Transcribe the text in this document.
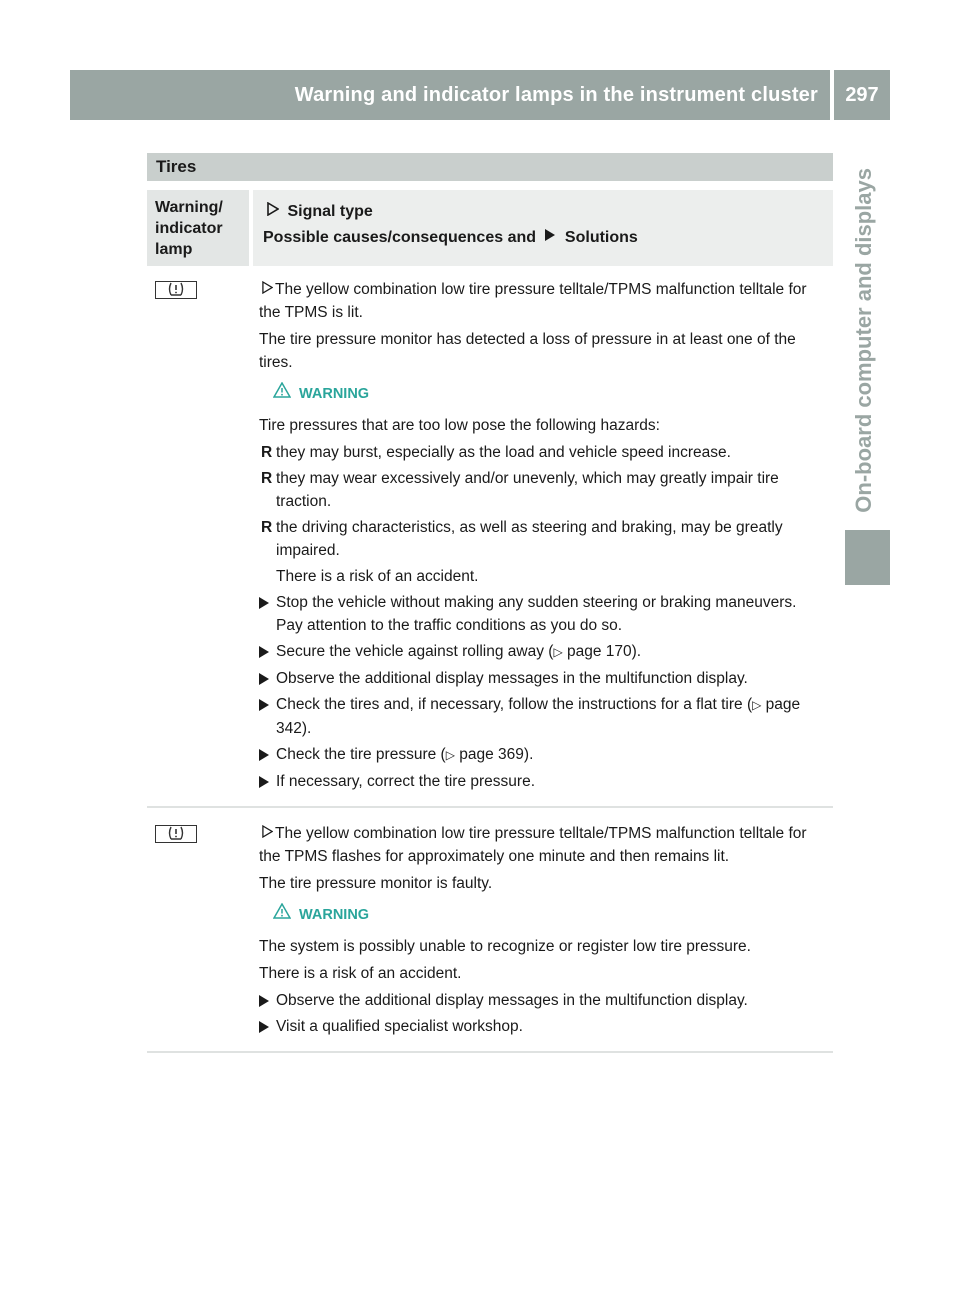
Warning and indicator lamps in the instrument cluster	297
On-board computer and displays
Tires
Warning/ indicator lamp
Signal type
Possible causes/consequences and Solutions

The yellow combination low tire pressure telltale/TPMS malfunction telltale for the TPMS is lit.

The tire pressure monitor has detected a loss of pressure in at least one of the tires.

WARNING

Tire pressures that are too low pose the following hazards:

R they may burst, especially as the load and vehicle speed increase.
R they may wear excessively and/or unevenly, which may greatly impair tire traction.
R the driving characteristics, as well as steering and braking, may be greatly impaired.
There is a risk of an accident.
Stop the vehicle without making any sudden steering or braking maneuvers. Pay attention to the traffic conditions as you do so.
Secure the vehicle against rolling away (▷ page 170).
Observe the additional display messages in the multifunction display.
Check the tires and, if necessary, follow the instructions for a flat tire (▷ page 342).
Check the tire pressure (▷ page 369).
If necessary, correct the tire pressure.

The yellow combination low tire pressure telltale/TPMS malfunction telltale for the TPMS flashes for approximately one minute and then remains lit.

The tire pressure monitor is faulty.

WARNING

The system is possibly unable to recognize or register low tire pressure.

There is a risk of an accident.

Observe the additional display messages in the multifunction display.
Visit a qualified specialist workshop.
